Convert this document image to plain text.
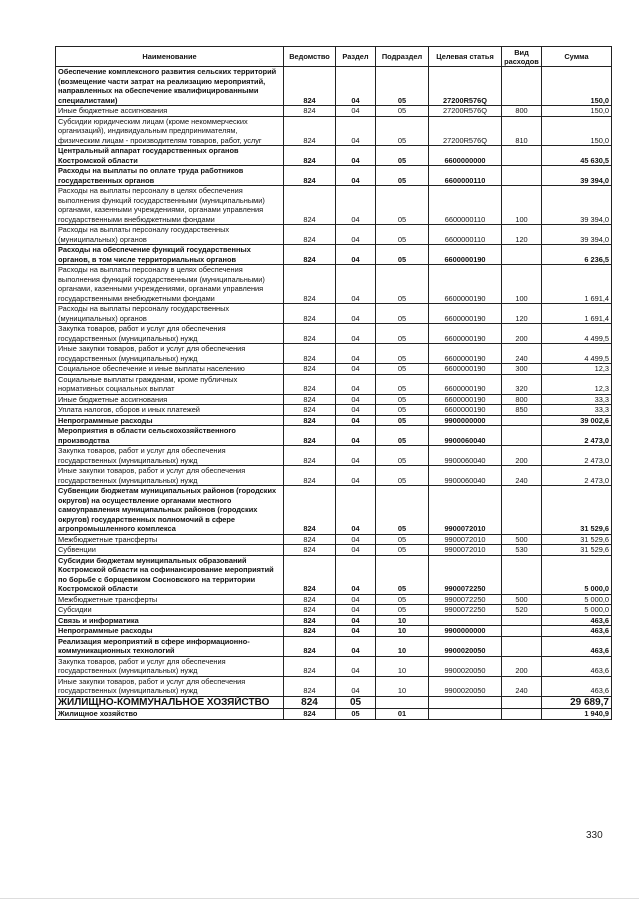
Наименование	Ведомство	Раздел	Подраздел	Целевая статья	Вид расходов	Сумма
Обеспечение комплексного развития сельских территорий (возмещение части затрат на реализацию мероприятий, направленных на обеспечение квалифицированными специалистами)	824	04	05	27200R576Q		150,0
Иные бюджетные ассигнования	824	04	05	27200R576Q	800	150,0
Субсидии юридическим лицам (кроме некоммерческих организаций), индивидуальным предпринимателям, физическим лицам - производителям товаров, работ, услуг	824	04	05	27200R576Q	810	150,0
Центральный аппарат государственных органов Костромской области	824	04	05	6600000000		45 630,5
Расходы на выплаты по оплате труда работников государственных органов	824	04	05	6600000110		39 394,0
Расходы на выплаты персоналу в целях обеспечения выполнения функций государственными (муниципальными) органами, казенными учреждениями, органами управления государственными внебюджетными фондами	824	04	05	6600000110	100	39 394,0
Расходы на выплаты персоналу государственных (муниципальных) органов	824	04	05	6600000110	120	39 394,0
Расходы на обеспечение функций государственных органов, в том числе территориальных органов	824	04	05	6600000190		6 236,5
Расходы на выплаты персоналу в целях обеспечения выполнения функций государственными (муниципальными) органами, казенными учреждениями, органами управления государственными внебюджетными фондами	824	04	05	6600000190	100	1 691,4
Расходы на выплаты персоналу государственных (муниципальных) органов	824	04	05	6600000190	120	1 691,4
Закупка товаров, работ и услуг для обеспечения государственных (муниципальных) нужд	824	04	05	6600000190	200	4 499,5
Иные закупки товаров, работ и услуг для обеспечения государственных (муниципальных) нужд	824	04	05	6600000190	240	4 499,5
Социальное обеспечение и иные выплаты населению	824	04	05	6600000190	300	12,3
Социальные выплаты гражданам, кроме публичных нормативных социальных выплат	824	04	05	6600000190	320	12,3
Иные бюджетные ассигнования	824	04	05	6600000190	800	33,3
Уплата налогов, сборов и иных платежей	824	04	05	6600000190	850	33,3
Непрограммные расходы	824	04	05	9900000000		39 002,6
Мероприятия в области сельскохозяйственного производства	824	04	05	9900060040		2 473,0
Закупка товаров, работ и услуг для обеспечения государственных (муниципальных) нужд	824	04	05	9900060040	200	2 473,0
Иные закупки товаров, работ и услуг для обеспечения государственных (муниципальных) нужд	824	04	05	9900060040	240	2 473,0
Субвенции бюджетам муниципальных районов (городских округов) на осуществление органами местного самоуправления муниципальных районов (городских округов) государственных полномочий в сфере агропромышленного комплекса	824	04	05	9900072010		31 529,6
Межбюджетные трансферты	824	04	05	9900072010	500	31 529,6
Субвенции	824	04	05	9900072010	530	31 529,6
Субсидии бюджетам муниципальных образований Костромской области на софинансирование мероприятий по борьбе с борщевиком Сосновского на территории Костромской области	824	04	05	9900072250		5 000,0
Межбюджетные трансферты	824	04	05	9900072250	500	5 000,0
Субсидии	824	04	05	9900072250	520	5 000,0
Связь и информатика	824	04	10			463,6
Непрограммные расходы	824	04	10	9900000000		463,6
Реализация мероприятий в сфере информационно-коммуникационных технологий	824	04	10	9900020050		463,6
Закупка товаров, работ и услуг для обеспечения государственных (муниципальных) нужд	824	04	10	9900020050	200	463,6
Иные закупки товаров, работ и услуг для обеспечения государственных (муниципальных) нужд	824	04	10	9900020050	240	463,6
ЖИЛИЩНО-КОММУНАЛЬНОЕ ХОЗЯЙСТВО	824	05				29 689,7
Жилищное хозяйство	824	05	01			1 940,9
330
